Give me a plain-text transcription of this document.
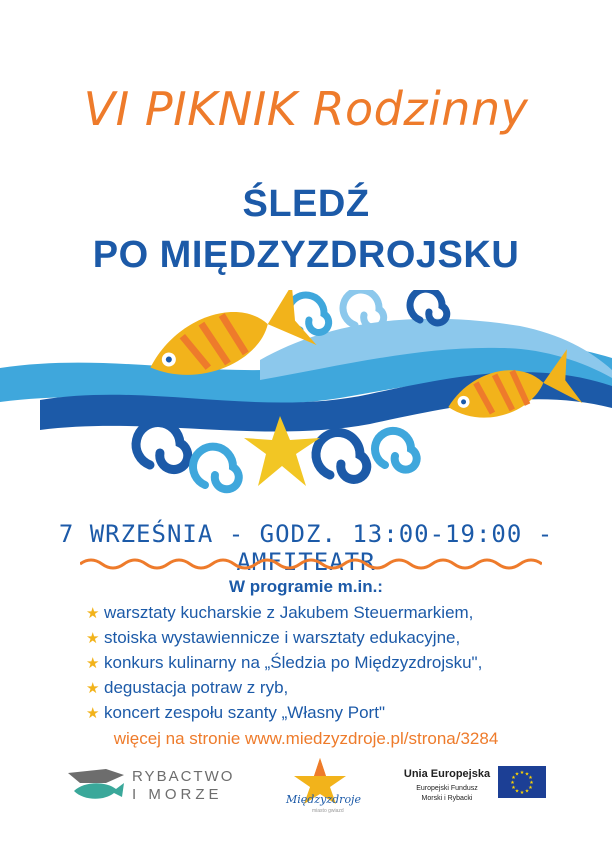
VI PIKNIK Rodzinny
ŚLEDŹ
PO MIĘDZYZDROJSKU
7 WRZEŚNIA - GODZ. 13:00-19:00 - AMFITEATR
W programie m.in.:
★ warsztaty kucharskie z Jakubem Steuermarkiem,
★ stoiska wystawiennicze i warsztaty edukacyjne,
★ konkurs kulinarny na „Śledzia po Międzyzdrojsku",
★ degustacja potraw z ryb,
★ koncert zespołu szanty „Własny Port"
więcej na stronie www.miedzyzdroje.pl/strona/3284
RYBACTWO
I MORZE	Międzyzdroje
miasto gwiazd
Unia Europejska
Europejski Fundusz
Morski i Rybacki
★ ★
★
★
★
★
★
★
★
★
★
★
